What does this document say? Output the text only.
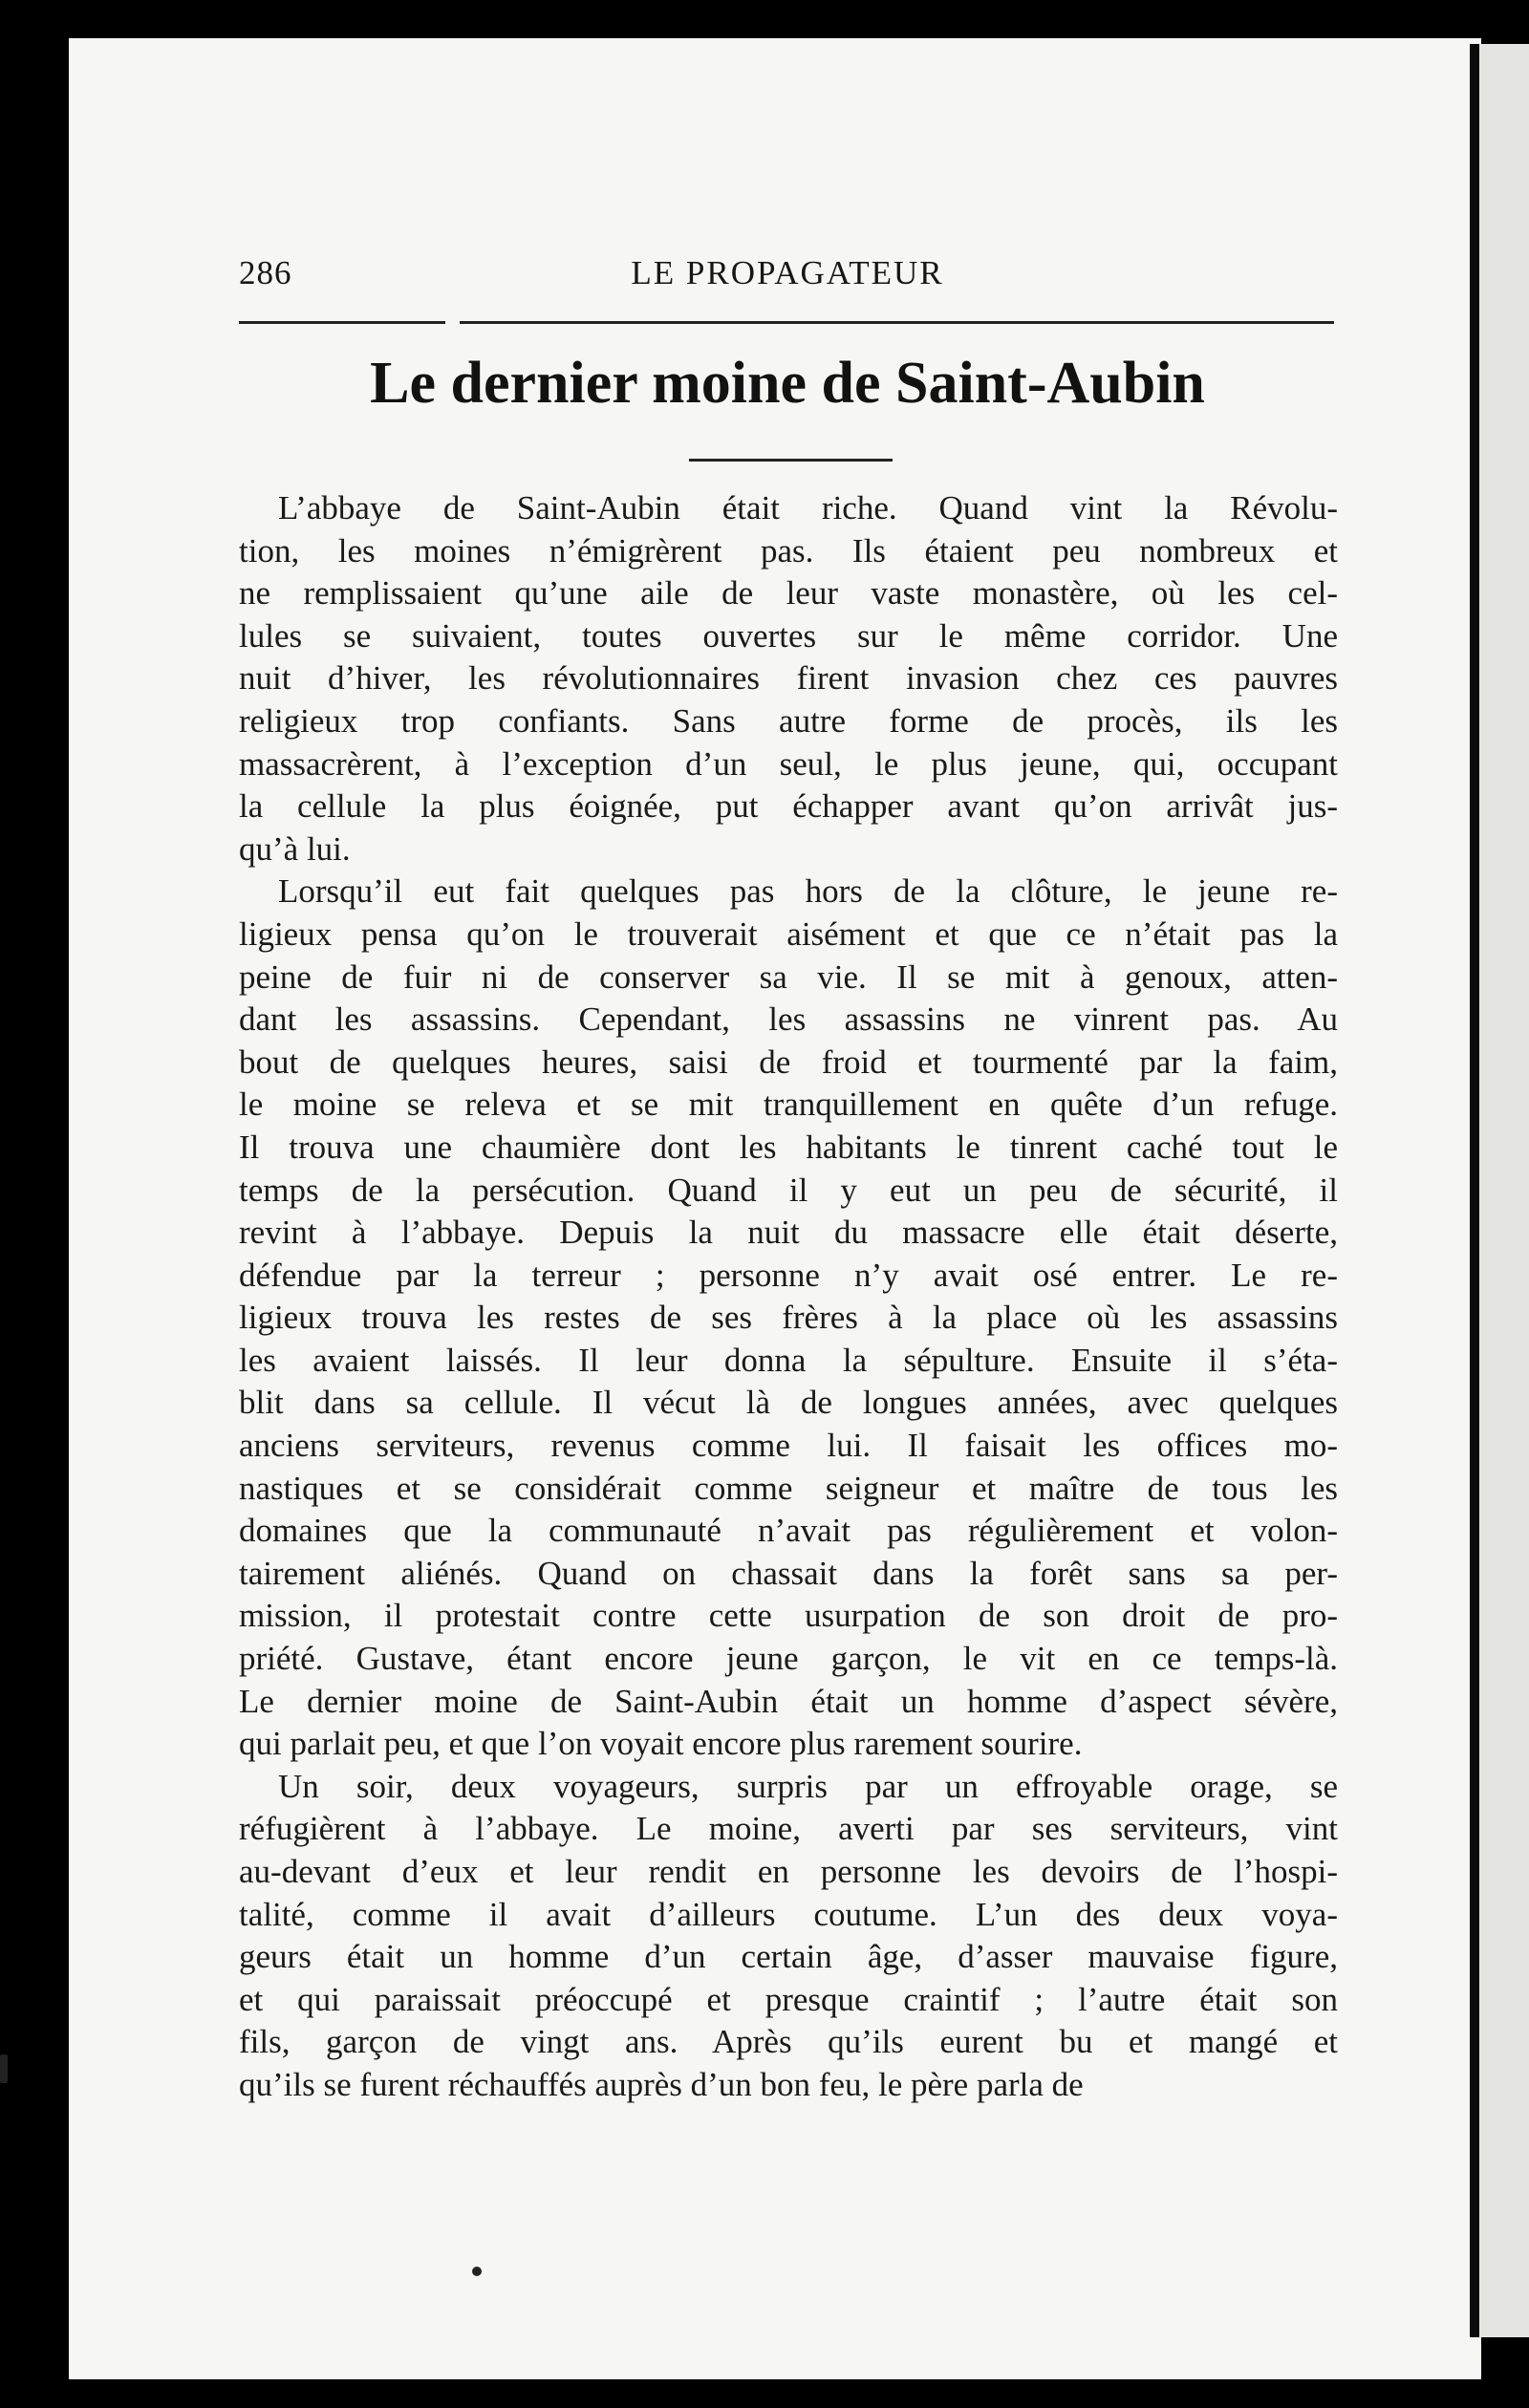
286	LE PROPAGATEUR
Le dernier moine de Saint-Aubin
L’abbaye de Saint-Aubin était riche. Quand vint la Révolu-
tion, les moines n’émigrèrent pas. Ils étaient peu nombreux et
ne remplissaient qu’une aile de leur vaste monastère, où les cel-
lules se suivaient, toutes ouvertes sur le même corridor. Une
nuit d’hiver, les révolutionnaires firent invasion chez ces pauvres
religieux trop confiants. Sans autre forme de procès, ils les
massacrèrent, à l’exception d’un seul, le plus jeune, qui, occupant
la cellule la plus éoignée, put échapper avant qu’on arrivât jus-
qu’à lui.
Lorsqu’il eut fait quelques pas hors de la clôture, le jeune re-
ligieux pensa qu’on le trouverait aisément et que ce n’était pas la
peine de fuir ni de conserver sa vie. Il se mit à genoux, atten-
dant les assassins. Cependant, les assassins ne vinrent pas. Au
bout de quelques heures, saisi de froid et tourmenté par la faim,
le moine se releva et se mit tranquillement en quête d’un refuge.
Il trouva une chaumière dont les habitants le tinrent caché tout le
temps de la persécution. Quand il y eut un peu de sécurité, il
revint à l’abbaye. Depuis la nuit du massacre elle était déserte,
défendue par la terreur ; personne n’y avait osé entrer. Le re-
ligieux trouva les restes de ses frères à la place où les assassins
les avaient laissés. Il leur donna la sépulture. Ensuite il s’éta-
blit dans sa cellule. Il vécut là de longues années, avec quelques
anciens serviteurs, revenus comme lui. Il faisait les offices mo-
nastiques et se considérait comme seigneur et maître de tous les
domaines que la communauté n’avait pas régulièrement et volon-
tairement aliénés. Quand on chassait dans la forêt sans sa per-
mission, il protestait contre cette usurpation de son droit de pro-
priété. Gustave, étant encore jeune garçon, le vit en ce temps-là.
Le dernier moine de Saint-Aubin était un homme d’aspect sévère,
qui parlait peu, et que l’on voyait encore plus rarement sourire.
Un soir, deux voyageurs, surpris par un effroyable orage, se
réfugièrent à l’abbaye. Le moine, averti par ses serviteurs, vint
au-devant d’eux et leur rendit en personne les devoirs de l’hospi-
talité, comme il avait d’ailleurs coutume. L’un des deux voya-
geurs était un homme d’un certain âge, d’asser mauvaise figure,
et qui paraissait préoccupé et presque craintif ; l’autre était son
fils, garçon de vingt ans. Après qu’ils eurent bu et mangé et
qu’ils se furent réchauffés auprès d’un bon feu, le père parla de
